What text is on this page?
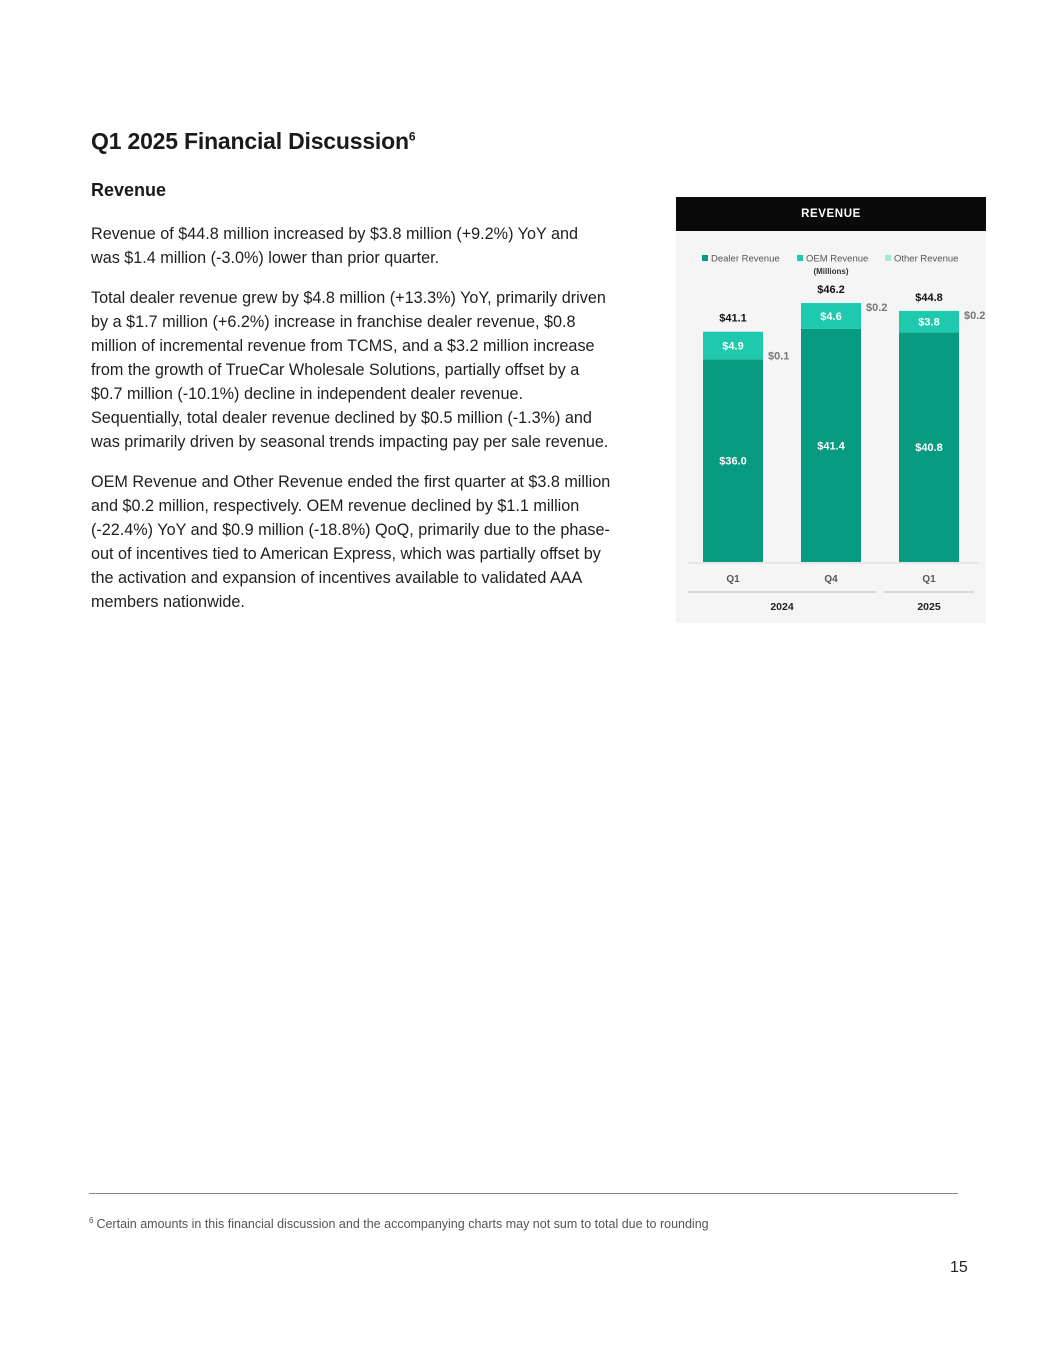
Q1 2025 Financial Discussion$^6$
Revenue

Revenue of $44.8 million increased by $3.8 million (+9.2%) YoY and was $1.4 million (-3.0%) lower than prior quarter.

Total dealer revenue grew by $4.8 million (+13.3%) YoY, primarily driven by a $1.7 million (+6.2%) increase in franchise dealer revenue, $0.8 million of incremental revenue from TCMS, and a $3.2 million increase from the growth of TrueCar Wholesale Solutions, partially offset by a $0.7 million (-10.1%) decline in independent dealer revenue. Sequentially, total dealer revenue declined by $0.5 million (-1.3%) and was primarily driven by seasonal trends impacting pay per sale revenue.

OEM Revenue and Other Revenue ended the first quarter at $3.8 million and $0.2 million, respectively. OEM revenue declined by $1.1 million (-22.4%) YoY and $0.9 million (-18.8%) QoQ, primarily due to the phase-out of incentives tied to American Express, which was partially offset by the activation and expansion of incentives available to validated AAA members nationwide.

REVENUE
Dealer Revenue	OEM Revenue	Other Revenue
(Millions)
$36.0
$4.9
$41.1
$0.1
Q1
$41.4
$4.6
$46.2
$0.2
Q4
$40.8
$3.8
$44.8
$0.2
Q1
2024	2025
$^6$ Certain amounts in this financial discussion and the accompanying charts may not sum to total due to rounding
15
